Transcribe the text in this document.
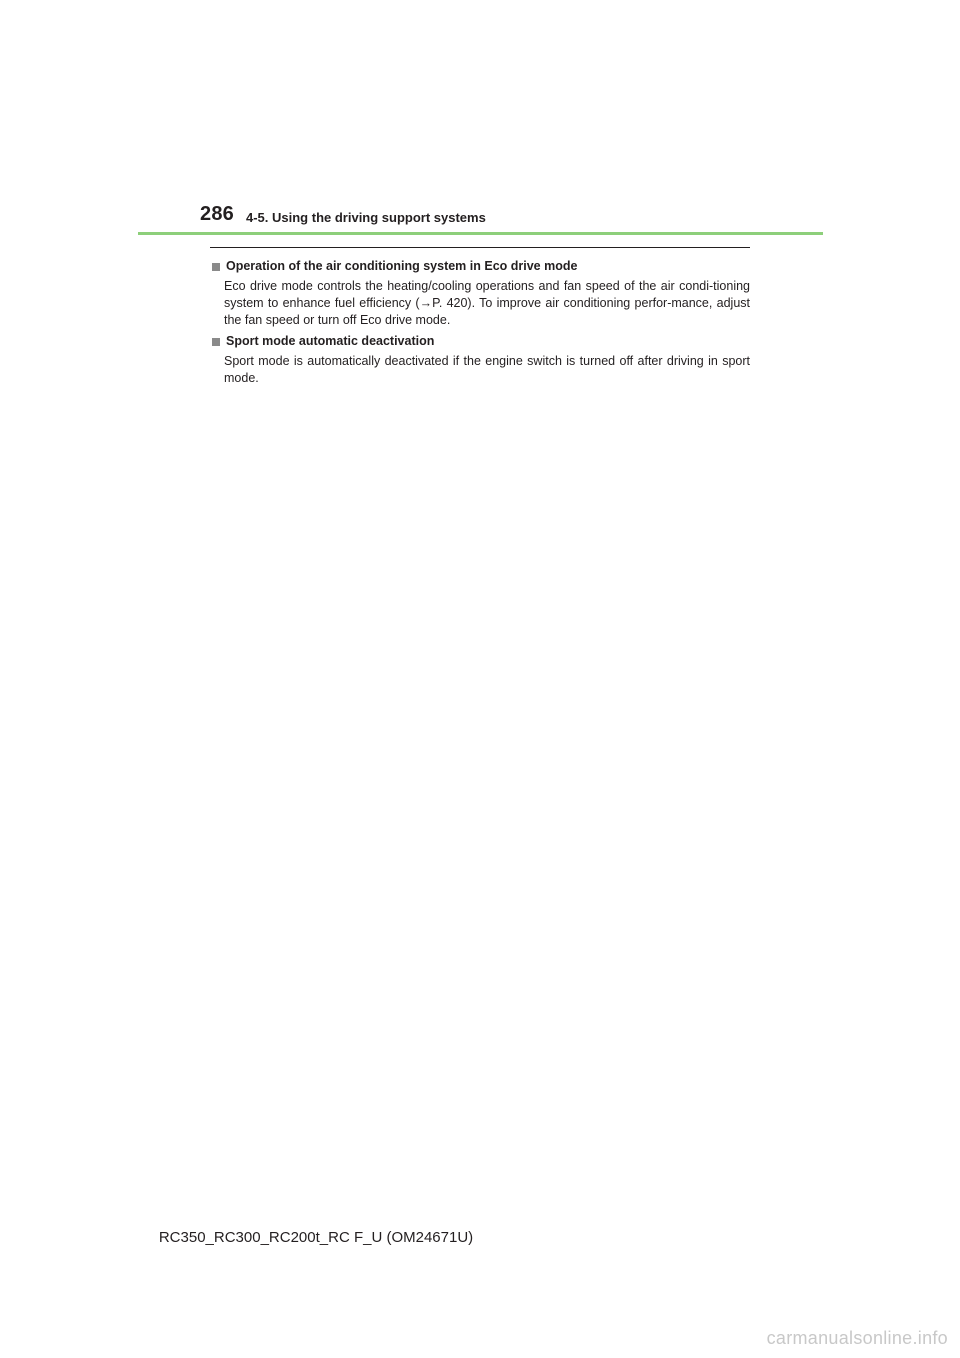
286 4-5. Using the driving support systems
Operation of the air conditioning system in Eco drive mode
Eco drive mode controls the heating/cooling operations and fan speed of the air condi-tioning system to enhance fuel efficiency (→P. 420). To improve air conditioning perfor-mance, adjust the fan speed or turn off Eco drive mode.
Sport mode automatic deactivation
Sport mode is automatically deactivated if the engine switch is turned off after driving in sport mode.
RC350_RC300_RC200t_RC F_U (OM24671U)
carmanualsonline.info
